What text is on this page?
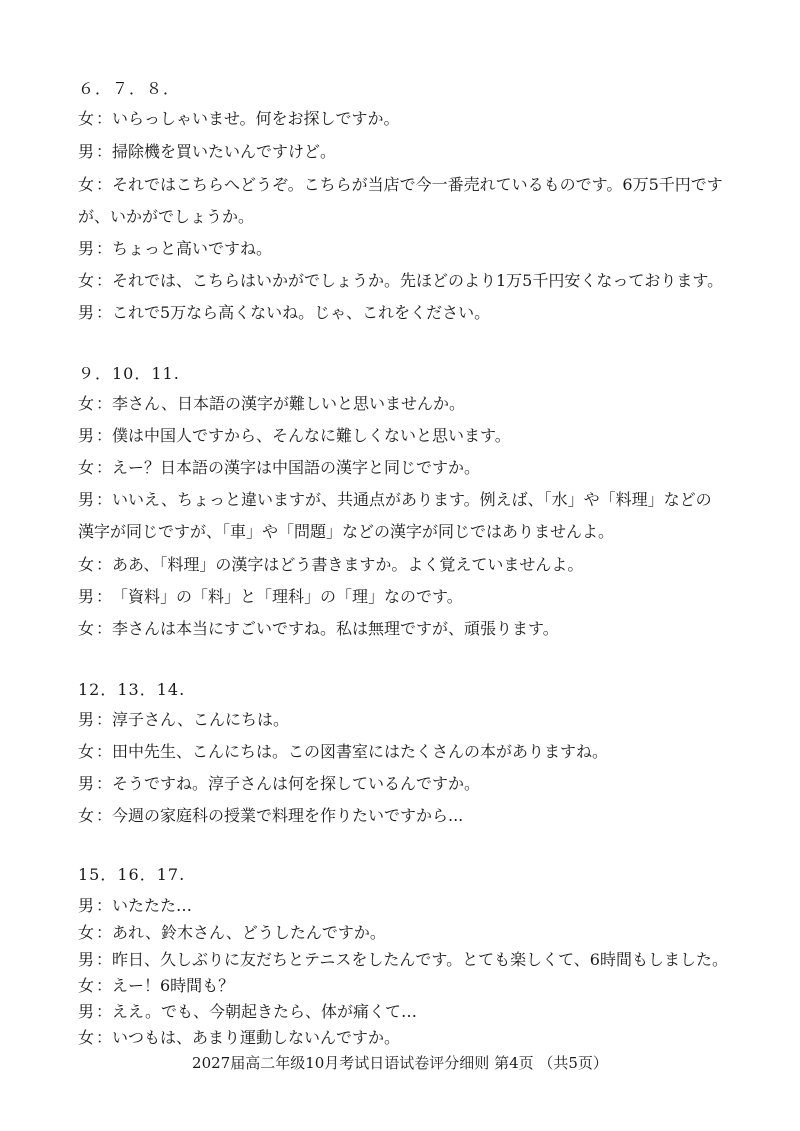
６．７．８．
女 ：いらっしゃいませ。何をお探しですか。
男 ：掃除機を買いたいんですけど。
女 ：それではこちらへどうぞ。こちらが当店で今一番売れているものです。6万5千円です
が、いかがでしょうか。
男 ：ちょっと高いですね。
女 ：それでは、こちらはいかがでしょうか。先ほどのより1万5千円安くなっております。
男 ：これで5万なら高くないね。じゃ、これをください。
９．10．11.
女 ：李さん、日本語の漢字が難しいと思いませんか。
男 ：僕は中国人ですから、そんなに難しくないと思います。
女 ：えー？日本語の漢字は中国語の漢字と同じですか。
男 ：いいえ、ちょっと違いますが、共通点があります。例えば、「水」や「料理」などの
漢字が同じですが、「車」や「問題」などの漢字が同じではありませんよ。
女 ：ああ、「料理」の漢字はどう書きますか。よく覚えていませんよ。
男 ：「資料」の「料」と「理科」の「理」なのです。
女 ：李さんは本当にすごいですね。私は無理ですが、頑張ります。
12．13．14.
男 ：淳子さん、こんにちは。
女 ：田中先生、こんにちは。この図書室にはたくさんの本がありますね。
男 ：そうですね。淳子さんは何を探しているんですか。
女 ：今週の家庭科の授業で料理を作りたいですから...
15．16．17.
男 ：いたたた…
女 ：あれ、鈴木さん、どうしたんですか。
男 ：昨日、久しぶりに友だちとテニスをしたんです。とても楽しくて、6時間もしました。
女 ：えー！6時間も？
男 ：ええ。でも、今朝起きたら、体が痛くて…
女 ：いつもは、あまり運動しないんですか。
2027届高二年级10月考试日语试卷评分细则 第4页 （共5页）
